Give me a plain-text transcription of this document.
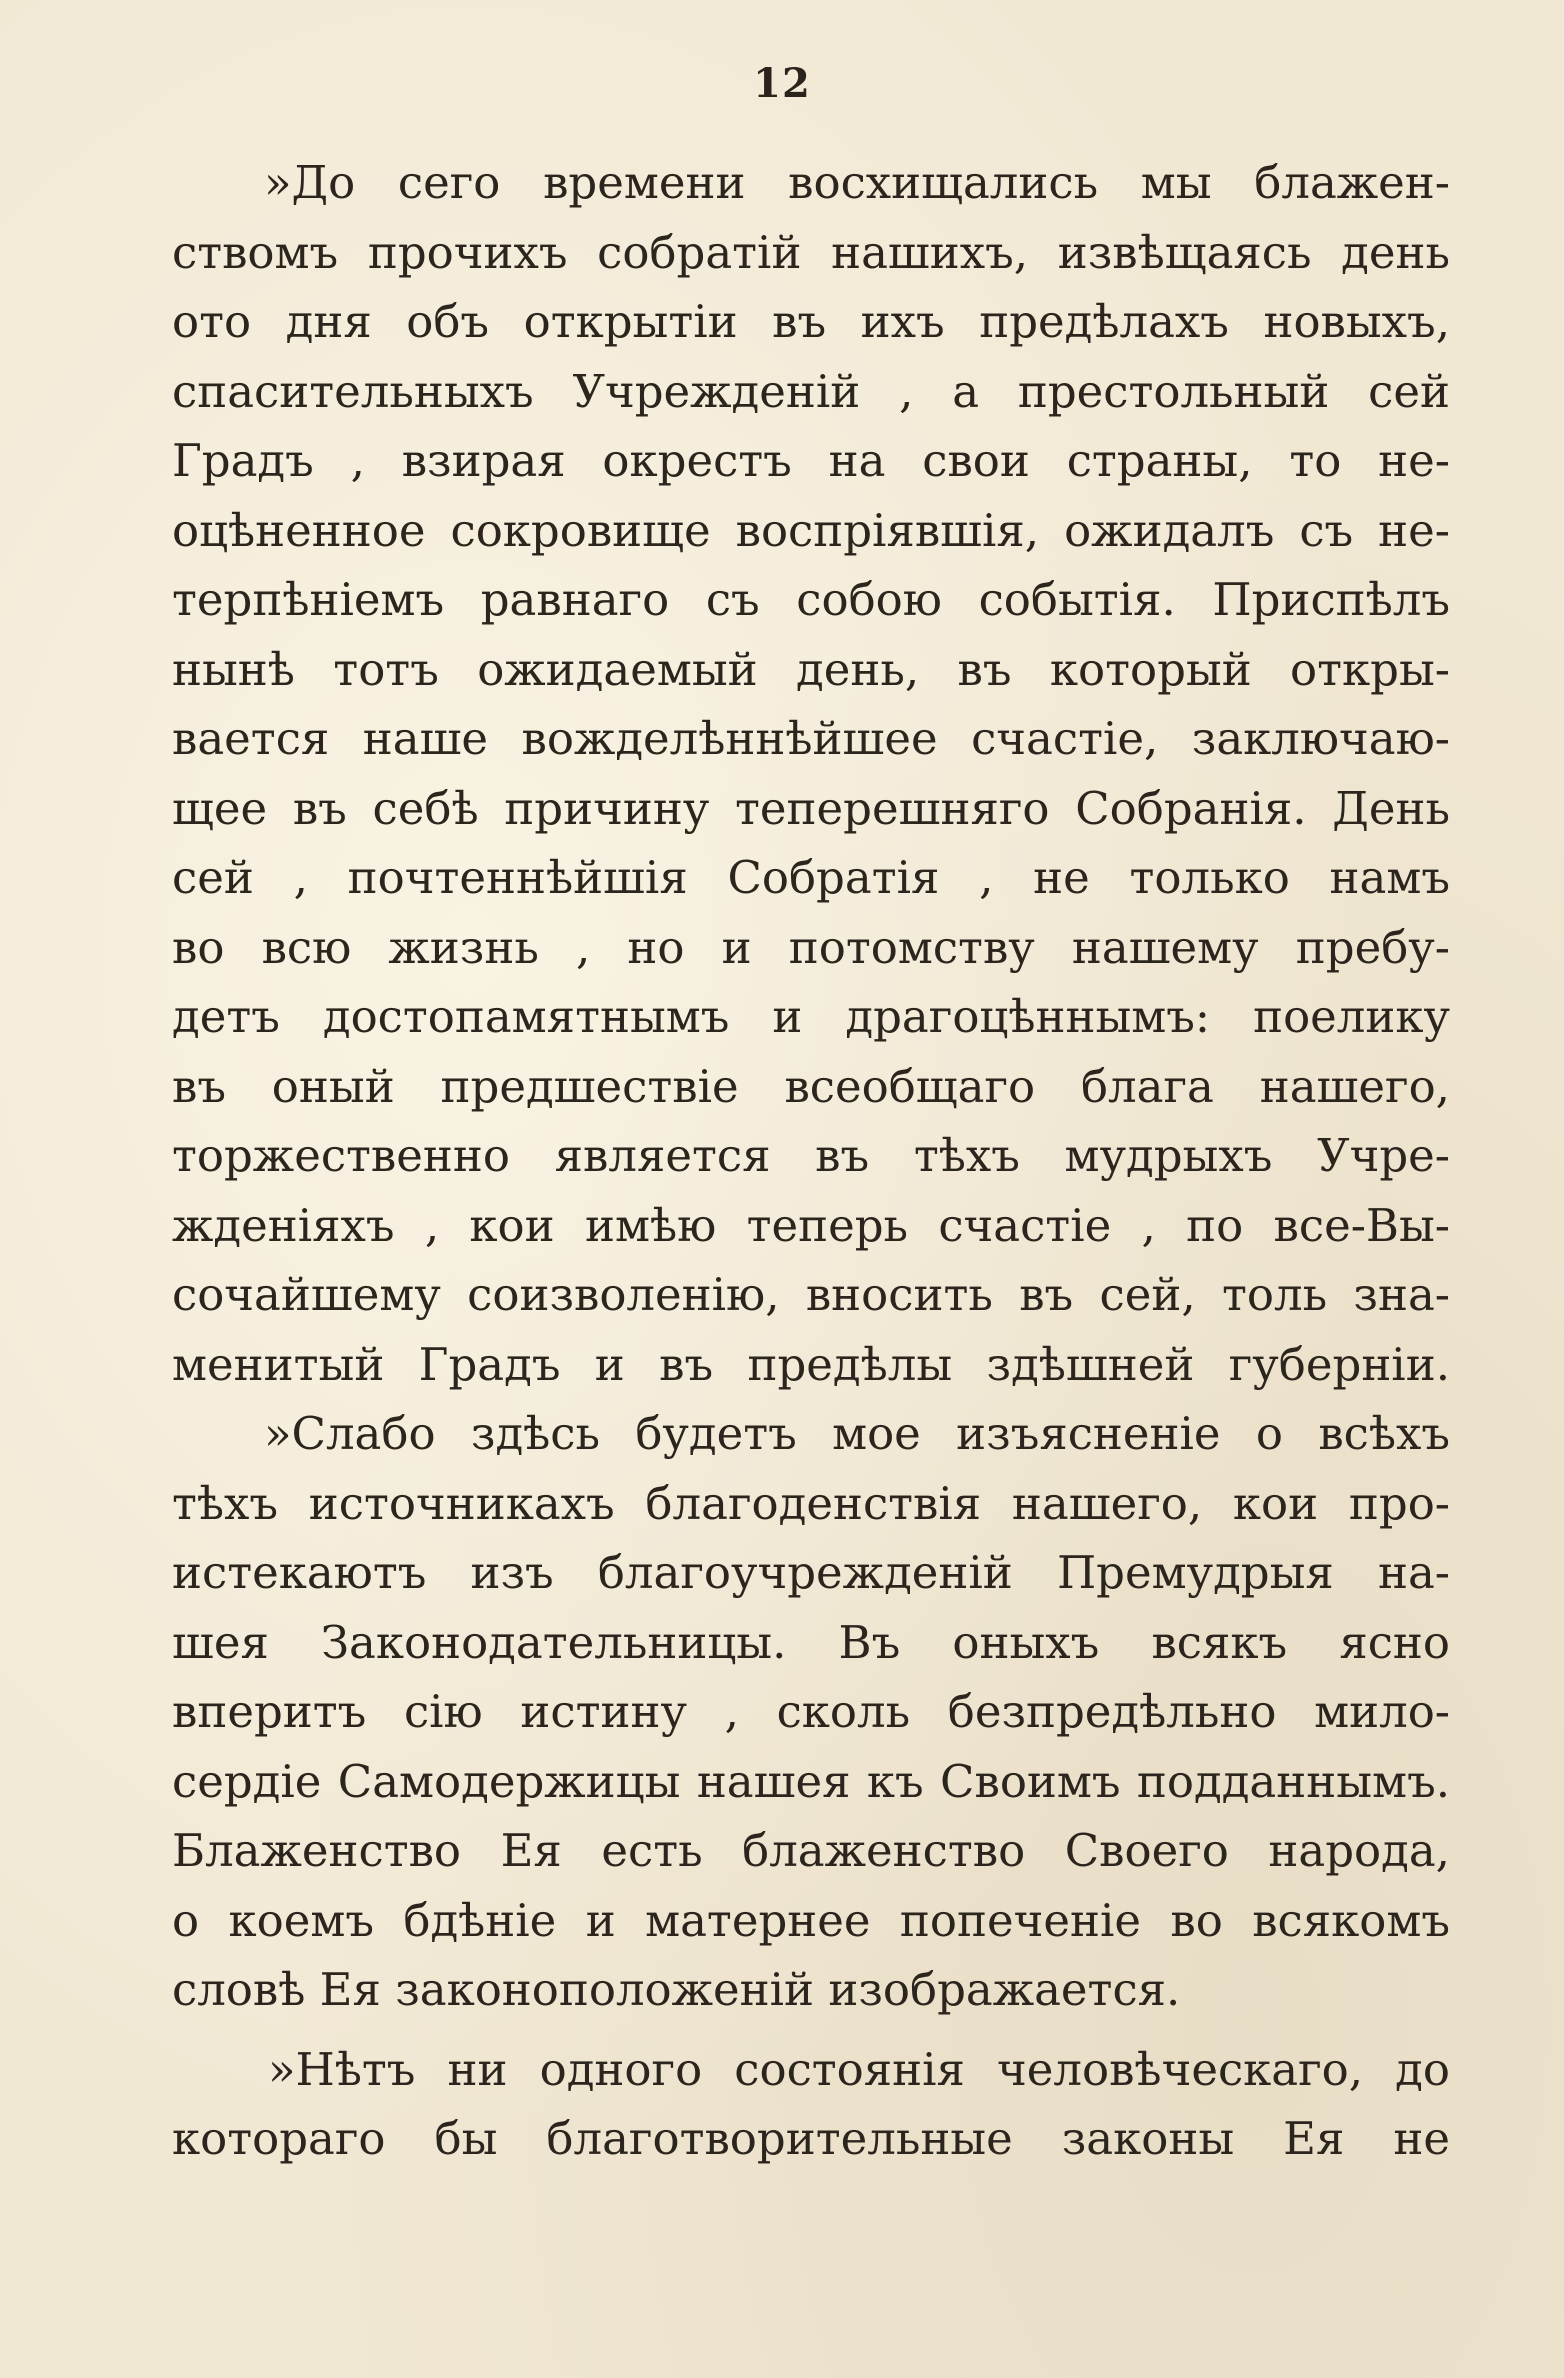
12
»До сего времени восхищались мы блажен-
ствомъ прочихъ собратій нашихъ, извѣщаясь день
ото дня объ открытіи въ ихъ предѣлахъ новыхъ,
спасительныхъ Учрежденій , а престольный сей
Градъ , взирая окрестъ на свои страны, то не-
оцѣненное сокровище воспріявшія, ожидалъ съ не-
терпѣніемъ равнаго съ собою событія. Приспѣлъ
нынѣ тотъ ожидаемый день, въ который откры-
вается наше вожделѣннѣйшее счастіе, заключаю-
щее въ себѣ причину теперешняго Собранія. День
сей , почтеннѣйшія Собратія , не только намъ
во всю жизнь , но и потомству нашему пребу-
детъ достопамятнымъ и драгоцѣннымъ: поелику
въ оный предшествіе всеобщаго блага нашего,
торжественно является въ тѣхъ мудрыхъ Учре-
жденіяхъ , кои имѣю теперь счастіе , по все-Вы-
сочайшему соизволенію, вносить въ сей, толь зна-
менитый Градъ и въ предѣлы здѣшней губерніи.
»Слабо здѣсь будетъ мое изъясненіе о всѣхъ
тѣхъ источникахъ благоденствія нашего, кои про-
истекаютъ изъ благоучрежденій Премудрыя на-
шея Законодательницы. Въ оныхъ всякъ ясно
вперитъ сію истину , сколь безпредѣльно мило-
сердіе Самодержицы нашея къ Своимъ подданнымъ.
Блаженство Ея есть блаженство Своего народа,
о коемъ бдѣніе и матернее попеченіе во всякомъ
словѣ Ея законоположеній изображается.
»Нѣтъ ни одного состоянія человѣческаго, до
котораго бы благотворительные законы Ея не
